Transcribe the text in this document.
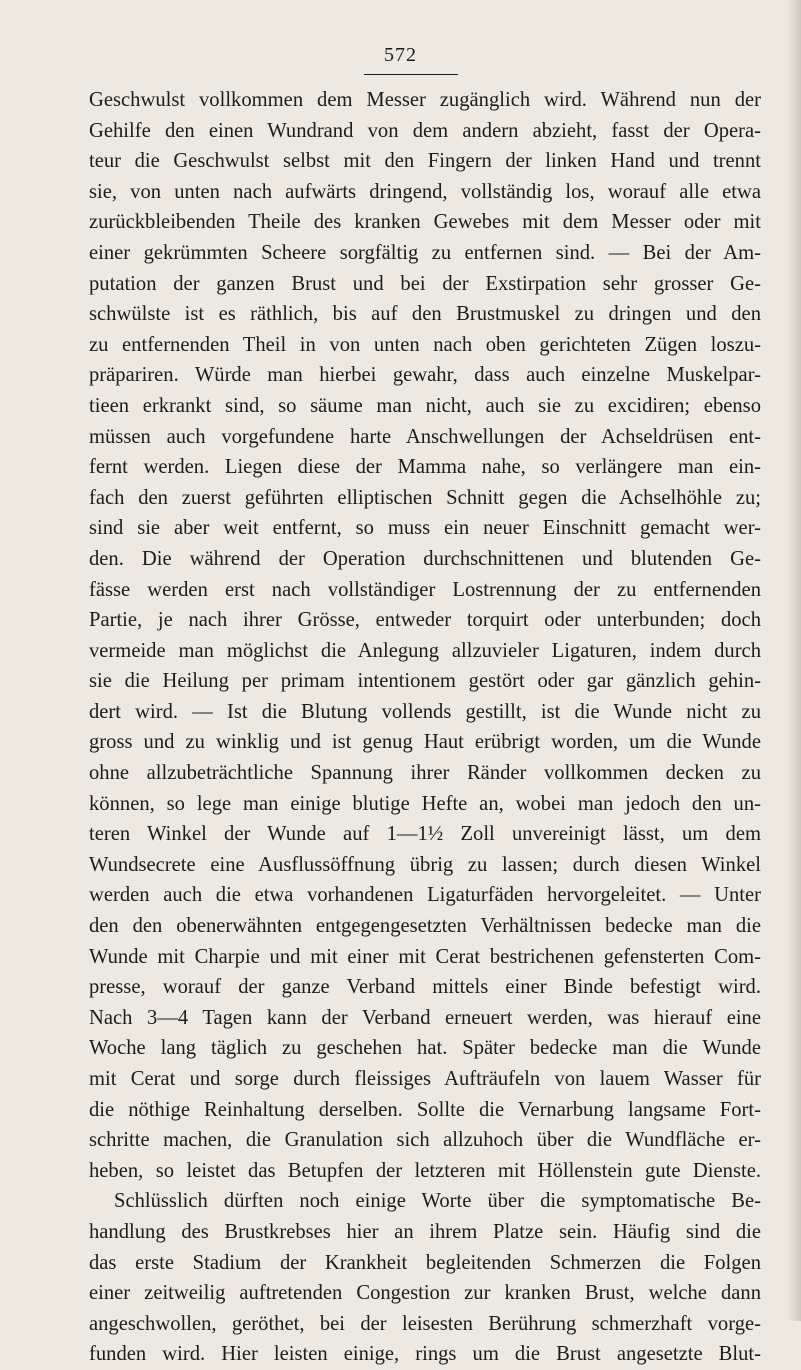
572
Geschwulst vollkommen dem Messer zugänglich wird. Während nun der
Gehilfe den einen Wundrand von dem andern abzieht, fasst der Opera-
teur die Geschwulst selbst mit den Fingern der linken Hand und trennt
sie, von unten nach aufwärts dringend, vollständig los, worauf alle etwa
zurückbleibenden Theile des kranken Gewebes mit dem Messer oder mit
einer gekrümmten Scheere sorgfältig zu entfernen sind. — Bei der Am-
putation der ganzen Brust und bei der Exstirpation sehr grosser Ge-
schwülste ist es räthlich, bis auf den Brustmuskel zu dringen und den
zu entfernenden Theil in von unten nach oben gerichteten Zügen loszu-
präpariren. Würde man hierbei gewahr, dass auch einzelne Muskelpar-
tieen erkrankt sind, so säume man nicht, auch sie zu excidiren; ebenso
müssen auch vorgefundene harte Anschwellungen der Achseldrüsen ent-
fernt werden. Liegen diese der Mamma nahe, so verlängere man ein-
fach den zuerst geführten elliptischen Schnitt gegen die Achselhöhle zu;
sind sie aber weit entfernt, so muss ein neuer Einschnitt gemacht wer-
den. Die während der Operation durchschnittenen und blutenden Ge-
fässe werden erst nach vollständiger Lostrennung der zu entfernenden
Partie, je nach ihrer Grösse, entweder torquirt oder unterbunden; doch
vermeide man möglichst die Anlegung allzuvieler Ligaturen, indem durch
sie die Heilung per primam intentionem gestört oder gar gänzlich gehin-
dert wird. — Ist die Blutung vollends gestillt, ist die Wunde nicht zu
gross und zu winklig und ist genug Haut erübrigt worden, um die Wunde
ohne allzubeträchtliche Spannung ihrer Ränder vollkommen decken zu
können, so lege man einige blutige Hefte an, wobei man jedoch den un-
teren Winkel der Wunde auf 1—1½ Zoll unvereinigt lässt, um dem
Wundsecrete eine Ausflussöffnung übrig zu lassen; durch diesen Winkel
werden auch die etwa vorhandenen Ligaturfäden hervorgeleitet. — Unter
den den obenerwähnten entgegengesetzten Verhältnissen bedecke man die
Wunde mit Charpie und mit einer mit Cerat bestrichenen gefensterten Com-
presse, worauf der ganze Verband mittels einer Binde befestigt wird.
Nach 3—4 Tagen kann der Verband erneuert werden, was hierauf eine
Woche lang täglich zu geschehen hat. Später bedecke man die Wunde
mit Cerat und sorge durch fleissiges Aufträufeln von lauem Wasser für
die nöthige Reinhaltung derselben. Sollte die Vernarbung langsame Fort-
schritte machen, die Granulation sich allzuhoch über die Wundfläche er-
heben, so leistet das Betupfen der letzteren mit Höllenstein gute Dienste.
Schlüsslich dürften noch einige Worte über die symptomatische Be-
handlung des Brustkrebses hier an ihrem Platze sein. Häufig sind die
das erste Stadium der Krankheit begleitenden Schmerzen die Folgen
einer zeitweilig auftretenden Congestion zur kranken Brust, welche dann
angeschwollen, geröthet, bei der leisesten Berührung schmerzhaft vorge-
funden wird. Hier leisten einige, rings um die Brust angesetzte Blut-
